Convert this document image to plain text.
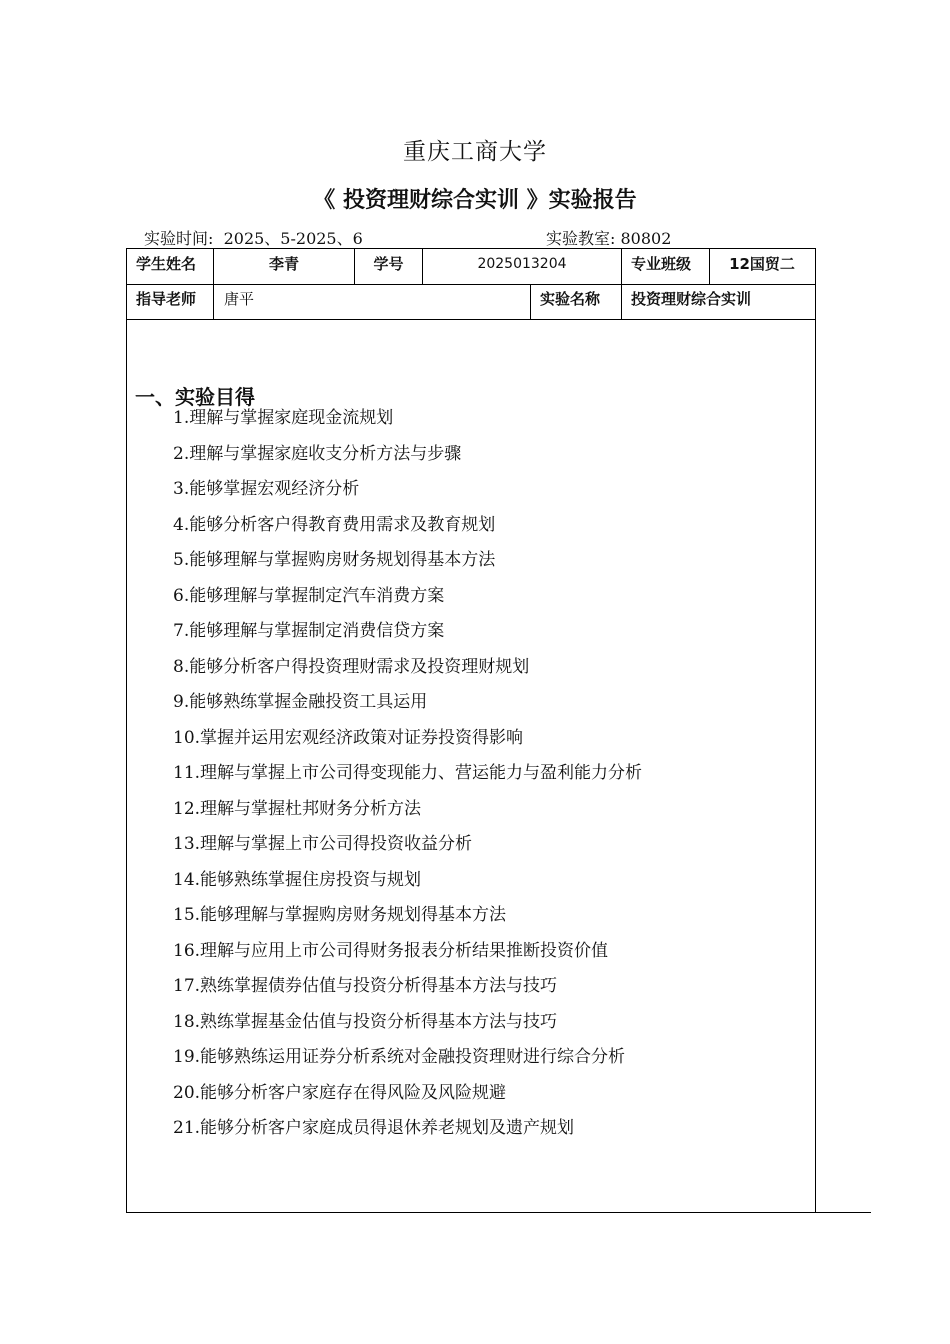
重庆工商大学
《 投资理财综合实训 》实验报告
实验时间: 2025、5-2025、6	实验教室: 80802
学生姓名	李青	学号	2025013204	专业班级	12国贸二
指导老师 唐平	实验名称 投资理财综合实训
一、实验目得
1.理解与掌握家庭现金流规划
2.理解与掌握家庭收支分析方法与步骤
3.能够掌握宏观经济分析
4.能够分析客户得教育费用需求及教育规划
5.能够理解与掌握购房财务规划得基本方法
6.能够理解与掌握制定汽车消费方案
7.能够理解与掌握制定消费信贷方案
8.能够分析客户得投资理财需求及投资理财规划
9.能够熟练掌握金融投资工具运用
10.掌握并运用宏观经济政策对证券投资得影响
11.理解与掌握上市公司得变现能力、营运能力与盈利能力分析
12.理解与掌握杜邦财务分析方法
13.理解与掌握上市公司得投资收益分析
14.能够熟练掌握住房投资与规划
15.能够理解与掌握购房财务规划得基本方法
16.理解与应用上市公司得财务报表分析结果推断投资价值
17.熟练掌握债券估值与投资分析得基本方法与技巧
18.熟练掌握基金估值与投资分析得基本方法与技巧
19.能够熟练运用证券分析系统对金融投资理财进行综合分析
20.能够分析客户家庭存在得风险及风险规避
21.能够分析客户家庭成员得退休养老规划及遗产规划
